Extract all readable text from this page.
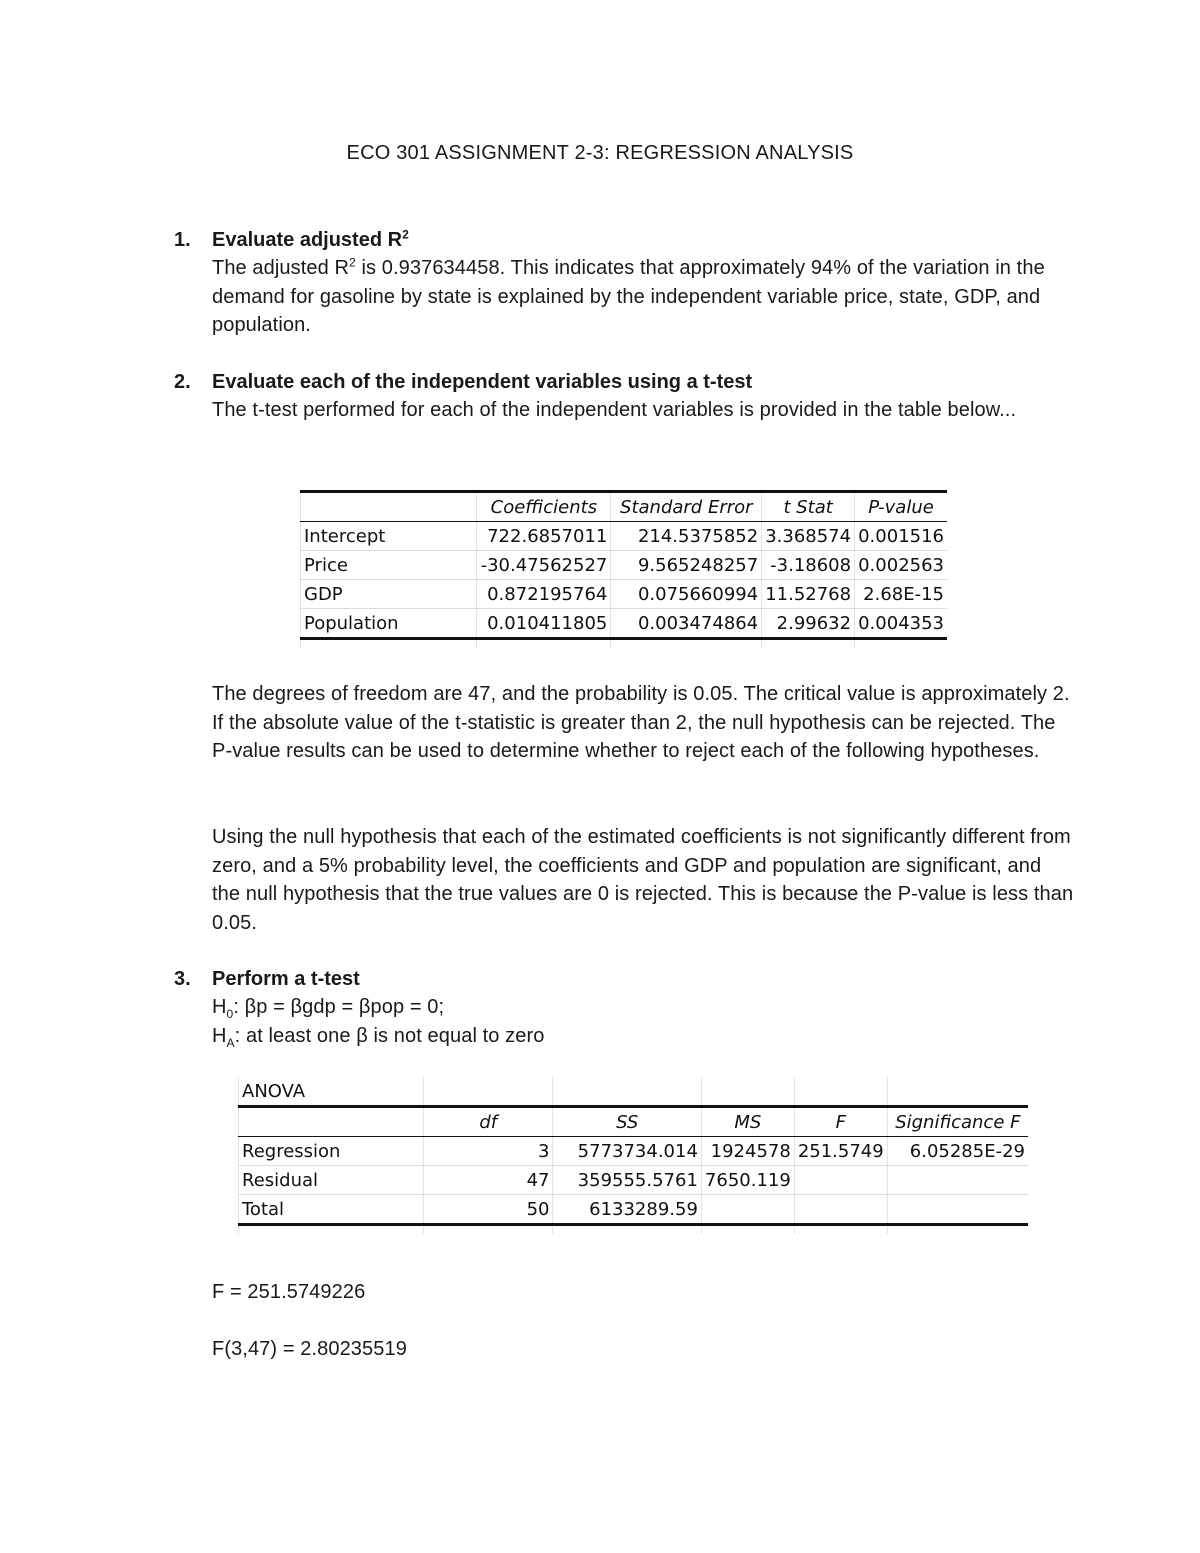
ECO 301 ASSIGNMENT 2-3: REGRESSION ANALYSIS
1.	Evaluate adjusted $R^2$
The adjusted $R^2$ is 0.937634458. This indicates that approximately 94% of the variation in the demand for gasoline by state is explained by the independent variable price, state, GDP, and population.
2.	Evaluate each of the independent variables using a t-test
The t-test performed for each of the independent variables is provided in the table below...
	Coefficients	Standard Error	t Stat	P-value
Intercept	722.6857011	214.5375852	3.368574	0.001516
Price	-30.47562527	9.565248257	-3.18608	0.002563
GDP	0.872195764	0.075660994	11.52768	2.68E-15
Population	0.010411805	0.003474864	2.99632	0.004353

The degrees of freedom are 47, and the probability is 0.05. The critical value is approximately 2. If the absolute value of the t-statistic is greater than 2, the null hypothesis can be rejected. The P-value results can be used to determine whether to reject each of the following hypotheses.
Using the null hypothesis that each of the estimated coefficients is not significantly different from zero, and a 5% probability level, the coefficients and GDP and population are significant, and the null hypothesis that the true values are 0 is rejected. This is because the P-value is less than 0.05.
3.	Perform a t-test
$H_0$: βp = βgdp = βpop = 0;
$H_A$: at least one β is not equal to zero
ANOVA					
	df	SS	MS	F	Significance F
Regression	3	5773734.014	1924578	251.5749	6.05285E-29
Residual	47	359555.5761	7650.119		
Total	50	6133289.59			

F = 251.5749226
F(3,47) = 2.80235519
